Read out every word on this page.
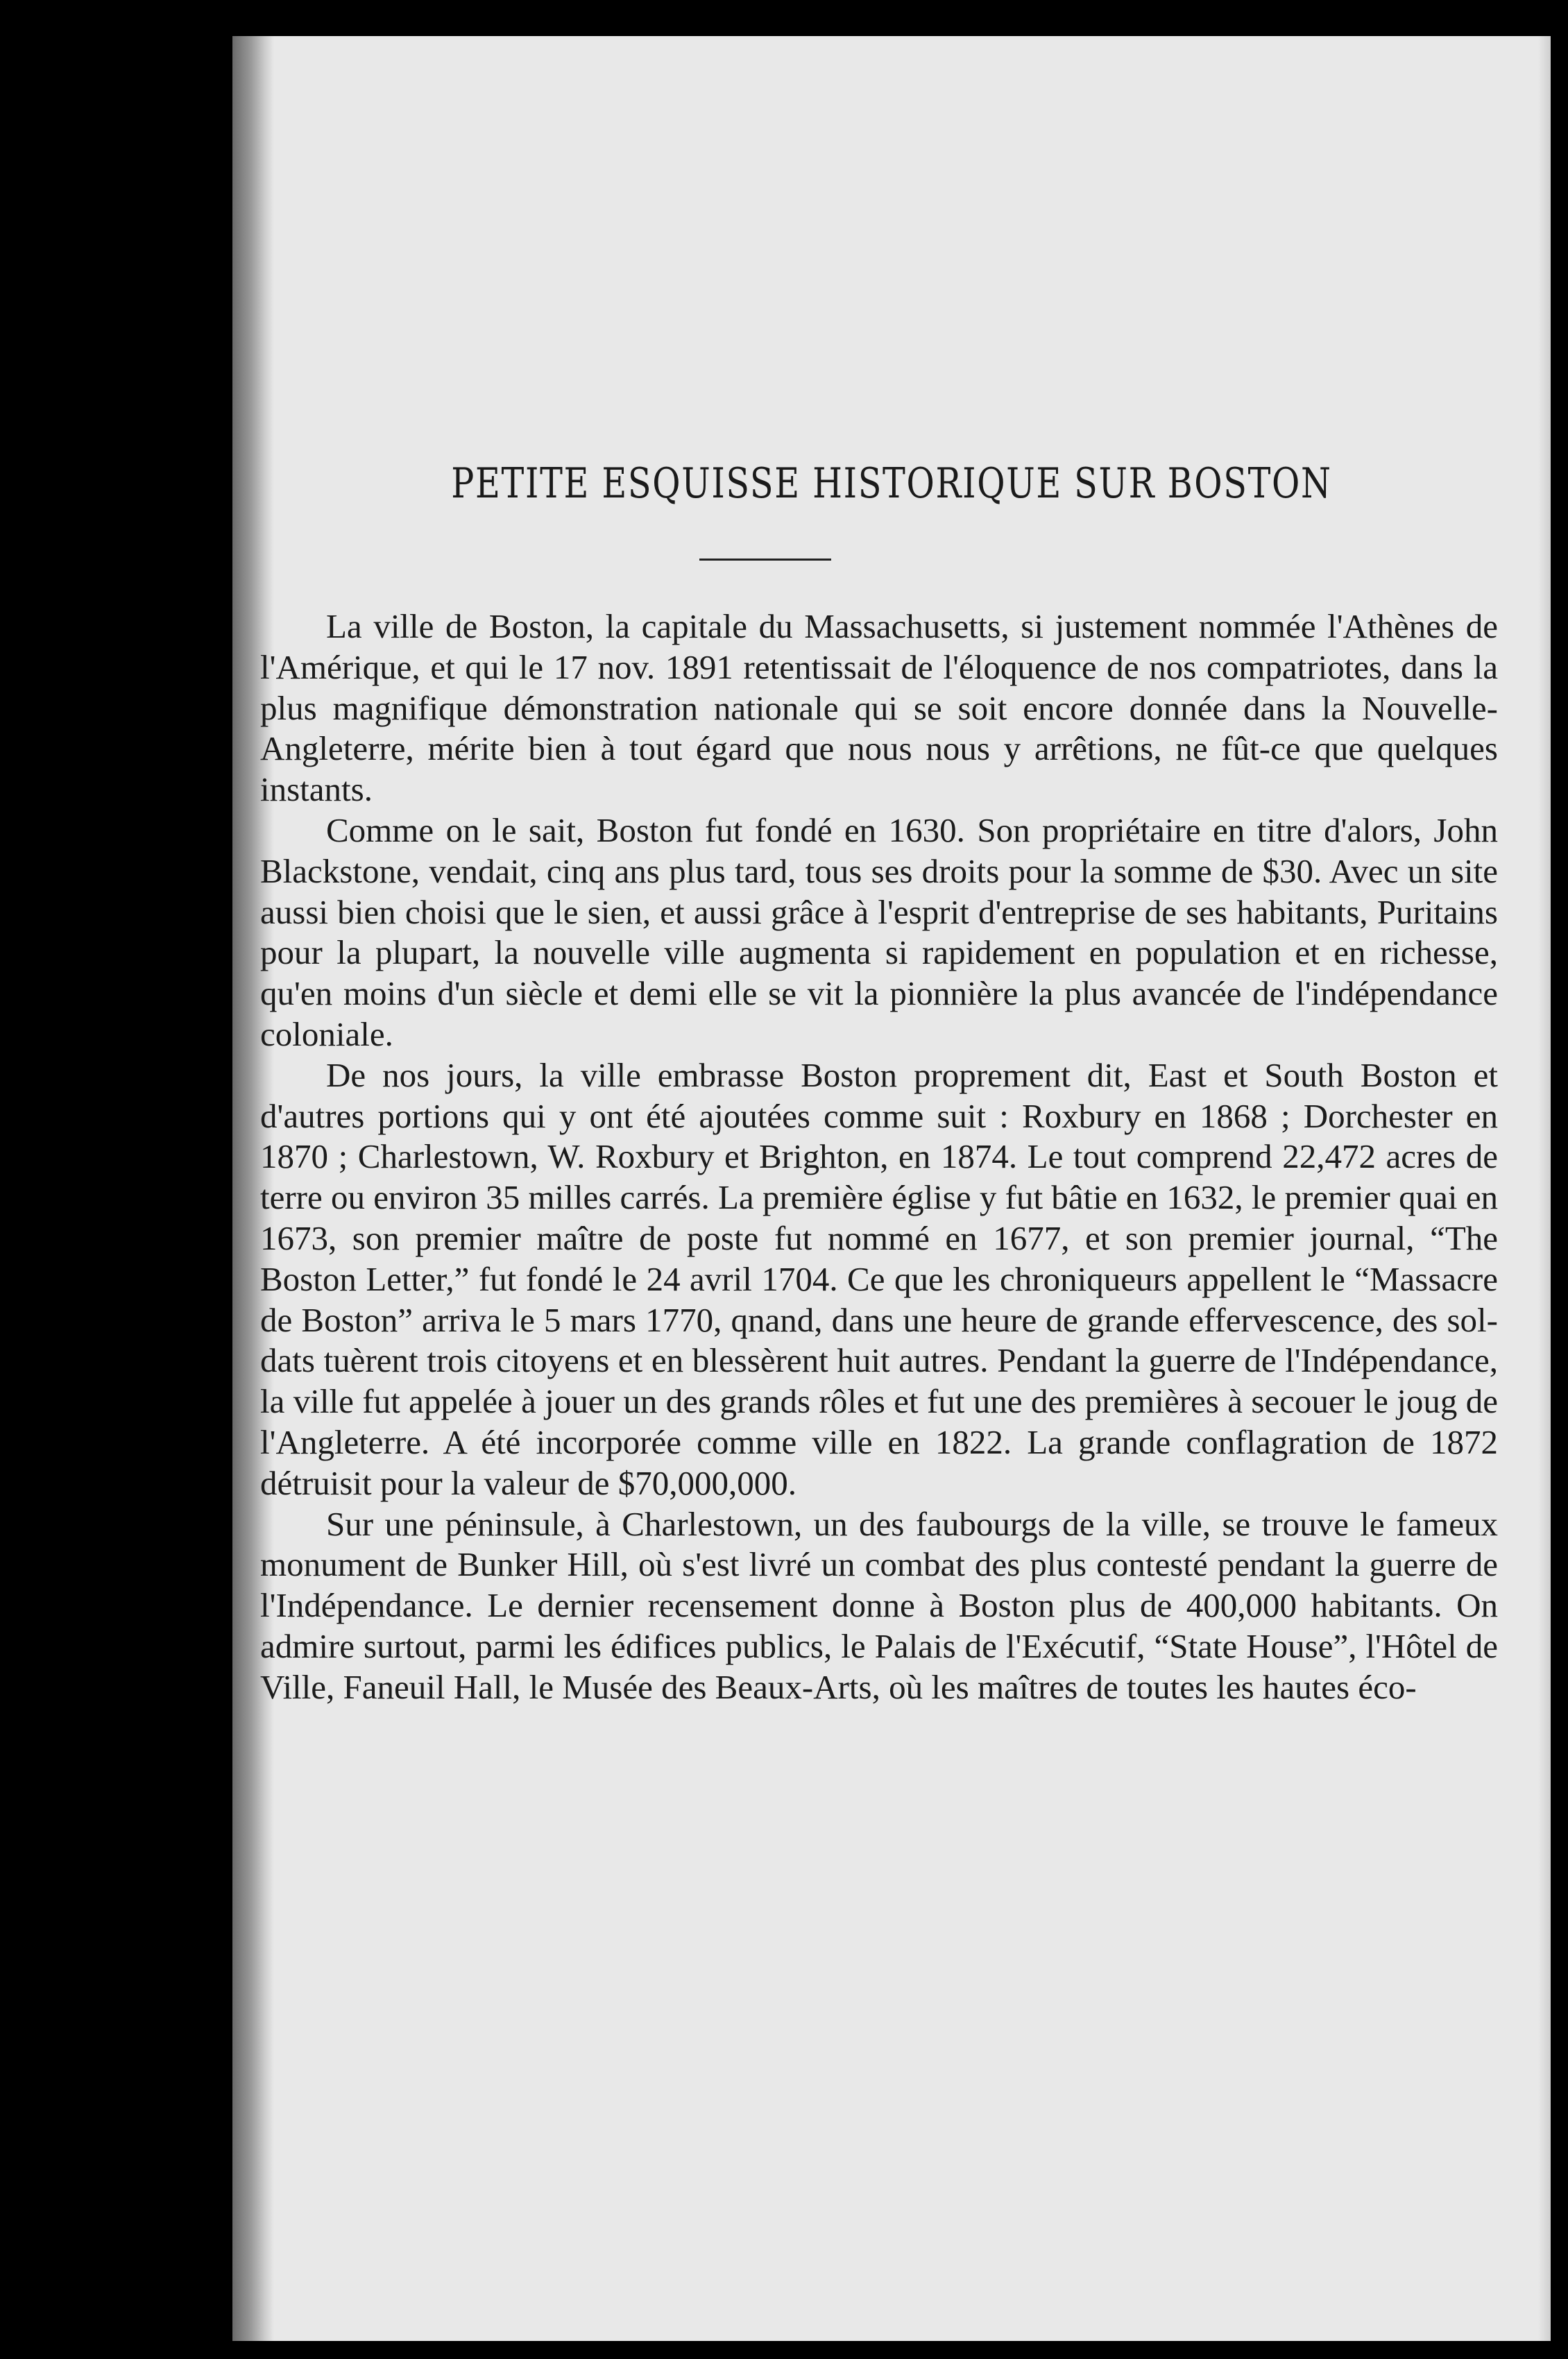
PETITE ESQUISSE HISTORIQUE SUR BOSTON

La ville de Boston, la capitale du Massachusetts, si justement nommée l'Athènes de l'Amérique, et qui le 17 nov. 1891 retentissait de l'éloquence de nos compatriotes, dans la plus magnifique démonstration nationale qui se soit encore donnée dans la Nouvelle-Angleterre, mérite bien à tout égard que nous nous y arrêtions, ne fût-ce que quelques instants.

Comme on le sait, Boston fut fondé en 1630. Son propriétaire en titre d'alors, John Blackstone, vendait, cinq ans plus tard, tous ses droits pour la somme de $30. Avec un site aussi bien choisi que le sien, et aussi grâce à l'esprit d'entreprise de ses habitants, Puritains pour la plupart, la nouvelle ville augmenta si rapidement en population et en richesse, qu'en moins d'un siècle et demi elle se vit la pionnière la plus avancée de l'indépendance coloniale.

De nos jours, la ville embrasse Boston proprement dit, East et South Boston et d'autres portions qui y ont été ajoutées comme suit : Roxbury en 1868 ; Dorchester en 1870 ; Charlestown, W. Roxbury et Brighton, en 1874. Le tout comprend 22,472 acres de terre ou environ 35 milles carrés. La première église y fut bâtie en 1632, le premier quai en 1673, son premier maître de poste fut nommé en 1677, et son premier journal, “The Boston Letter,” fut fondé le 24 avril 1704. Ce que les chroniqueurs appellent le “Massacre de Boston” arriva le 5 mars 1770, qnand, dans une heure de grande effervescence, des soldats tuèrent trois citoyens et en blessèrent huit autres. Pendant la guerre de l'Indépendance, la ville fut appelée à jouer un des grands rôles et fut une des premières à secouer le joug de l'Angleterre. A été incorporée comme ville en 1822. La grande conflagration de 1872 détruisit pour la valeur de $70,000,000.

Sur une péninsule, à Charlestown, un des faubourgs de la ville, se trouve le fameux monument de Bunker Hill, où s'est livré un combat des plus contesté pendant la guerre de l'Indépendance. Le dernier recensement donne à Boston plus de 400,000 habitants. On admire surtout, parmi les édifices publics, le Palais de l'Exécutif, “State House”, l'Hôtel de Ville, Faneuil Hall, le Musée des Beaux-Arts, où les maîtres de toutes les hautes éco-
